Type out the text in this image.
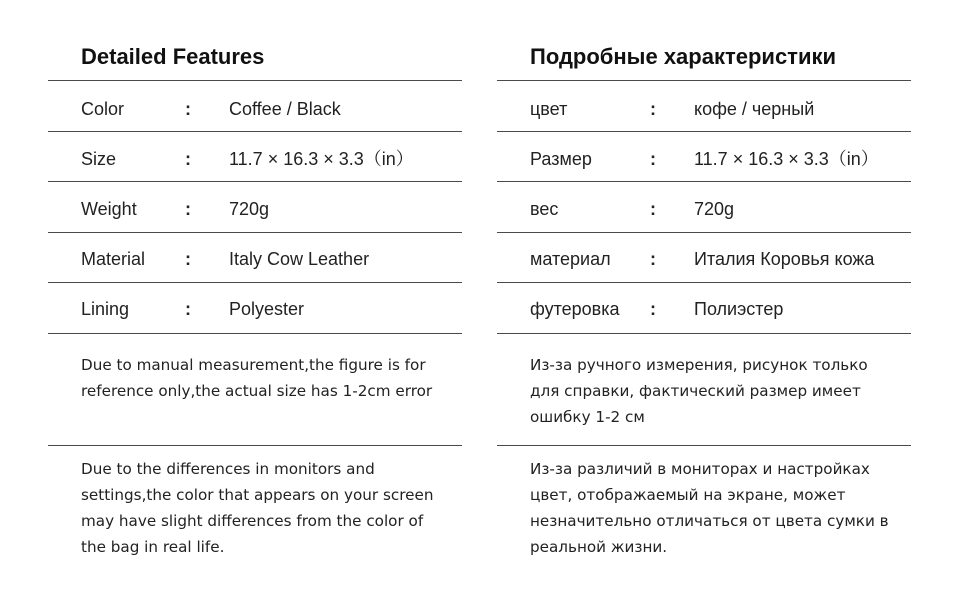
Detailed Features
Color	: Coffee / Black
Size	: 11.7 × 16.3 × 3.3（in）
Weight	: 720g
Material : Italy Cow Leather
Lining	: Polyester
Due to manual measurement,the figure is for reference only,the actual size has 1-2cm error
Due to the differences in monitors and settings,the color that appears on your screen may have slight differences from the color of the bag in real life.
Подробные характеристики
цвет	: кофе / черный
Размер	: 11.7 × 16.3 × 3.3（in）
вес	: 720g
материал : Италия Коровья кожа
футеровка : Полиэстер
Из-за ручного измерения, рисунок только для справки, фактический размер имеет ошибку 1-2 см
Из-за различий в мониторах и настройках цвет, отображаемый на экране, может незначительно отличаться от цвета сумки в реальной жизни.
